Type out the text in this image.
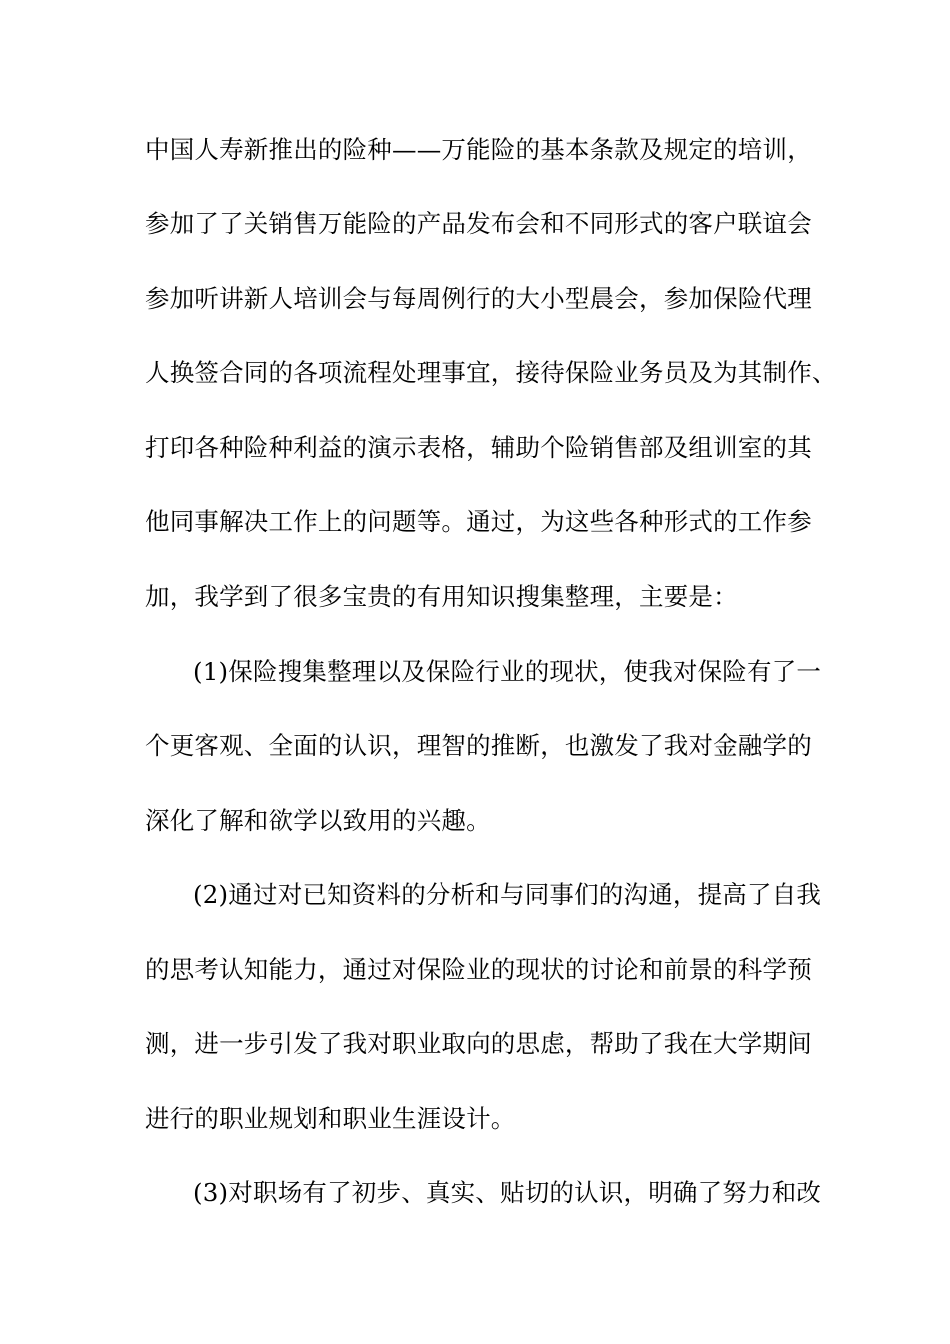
中国人寿新推出的险种——万能险的基本条款及规定的培训，
参加了了关销售万能险的产品发布会和不同形式的客户联谊会
参加听讲新人培训会与每周例行的大小型晨会，参加保险代理
人换签合同的各项流程处理事宜，接待保险业务员及为其制作、
打印各种险种利益的演示表格，辅助个险销售部及组训室的其
他同事解决工作上的问题等。通过，为这些各种形式的工作参
加，我学到了很多宝贵的有用知识搜集整理，主要是：
(1)保险搜集整理以及保险行业的现状，使我对保险有了一
个更客观、全面的认识，理智的推断，也激发了我对金融学的
深化了解和欲学以致用的兴趣。
(2)通过对已知资料的分析和与同事们的沟通，提高了自我
的思考认知能力，通过对保险业的现状的讨论和前景的科学预
测，进一步引发了我对职业取向的思虑，帮助了我在大学期间
进行的职业规划和职业生涯设计。
(3)对职场有了初步、真实、贴切的认识，明确了努力和改
